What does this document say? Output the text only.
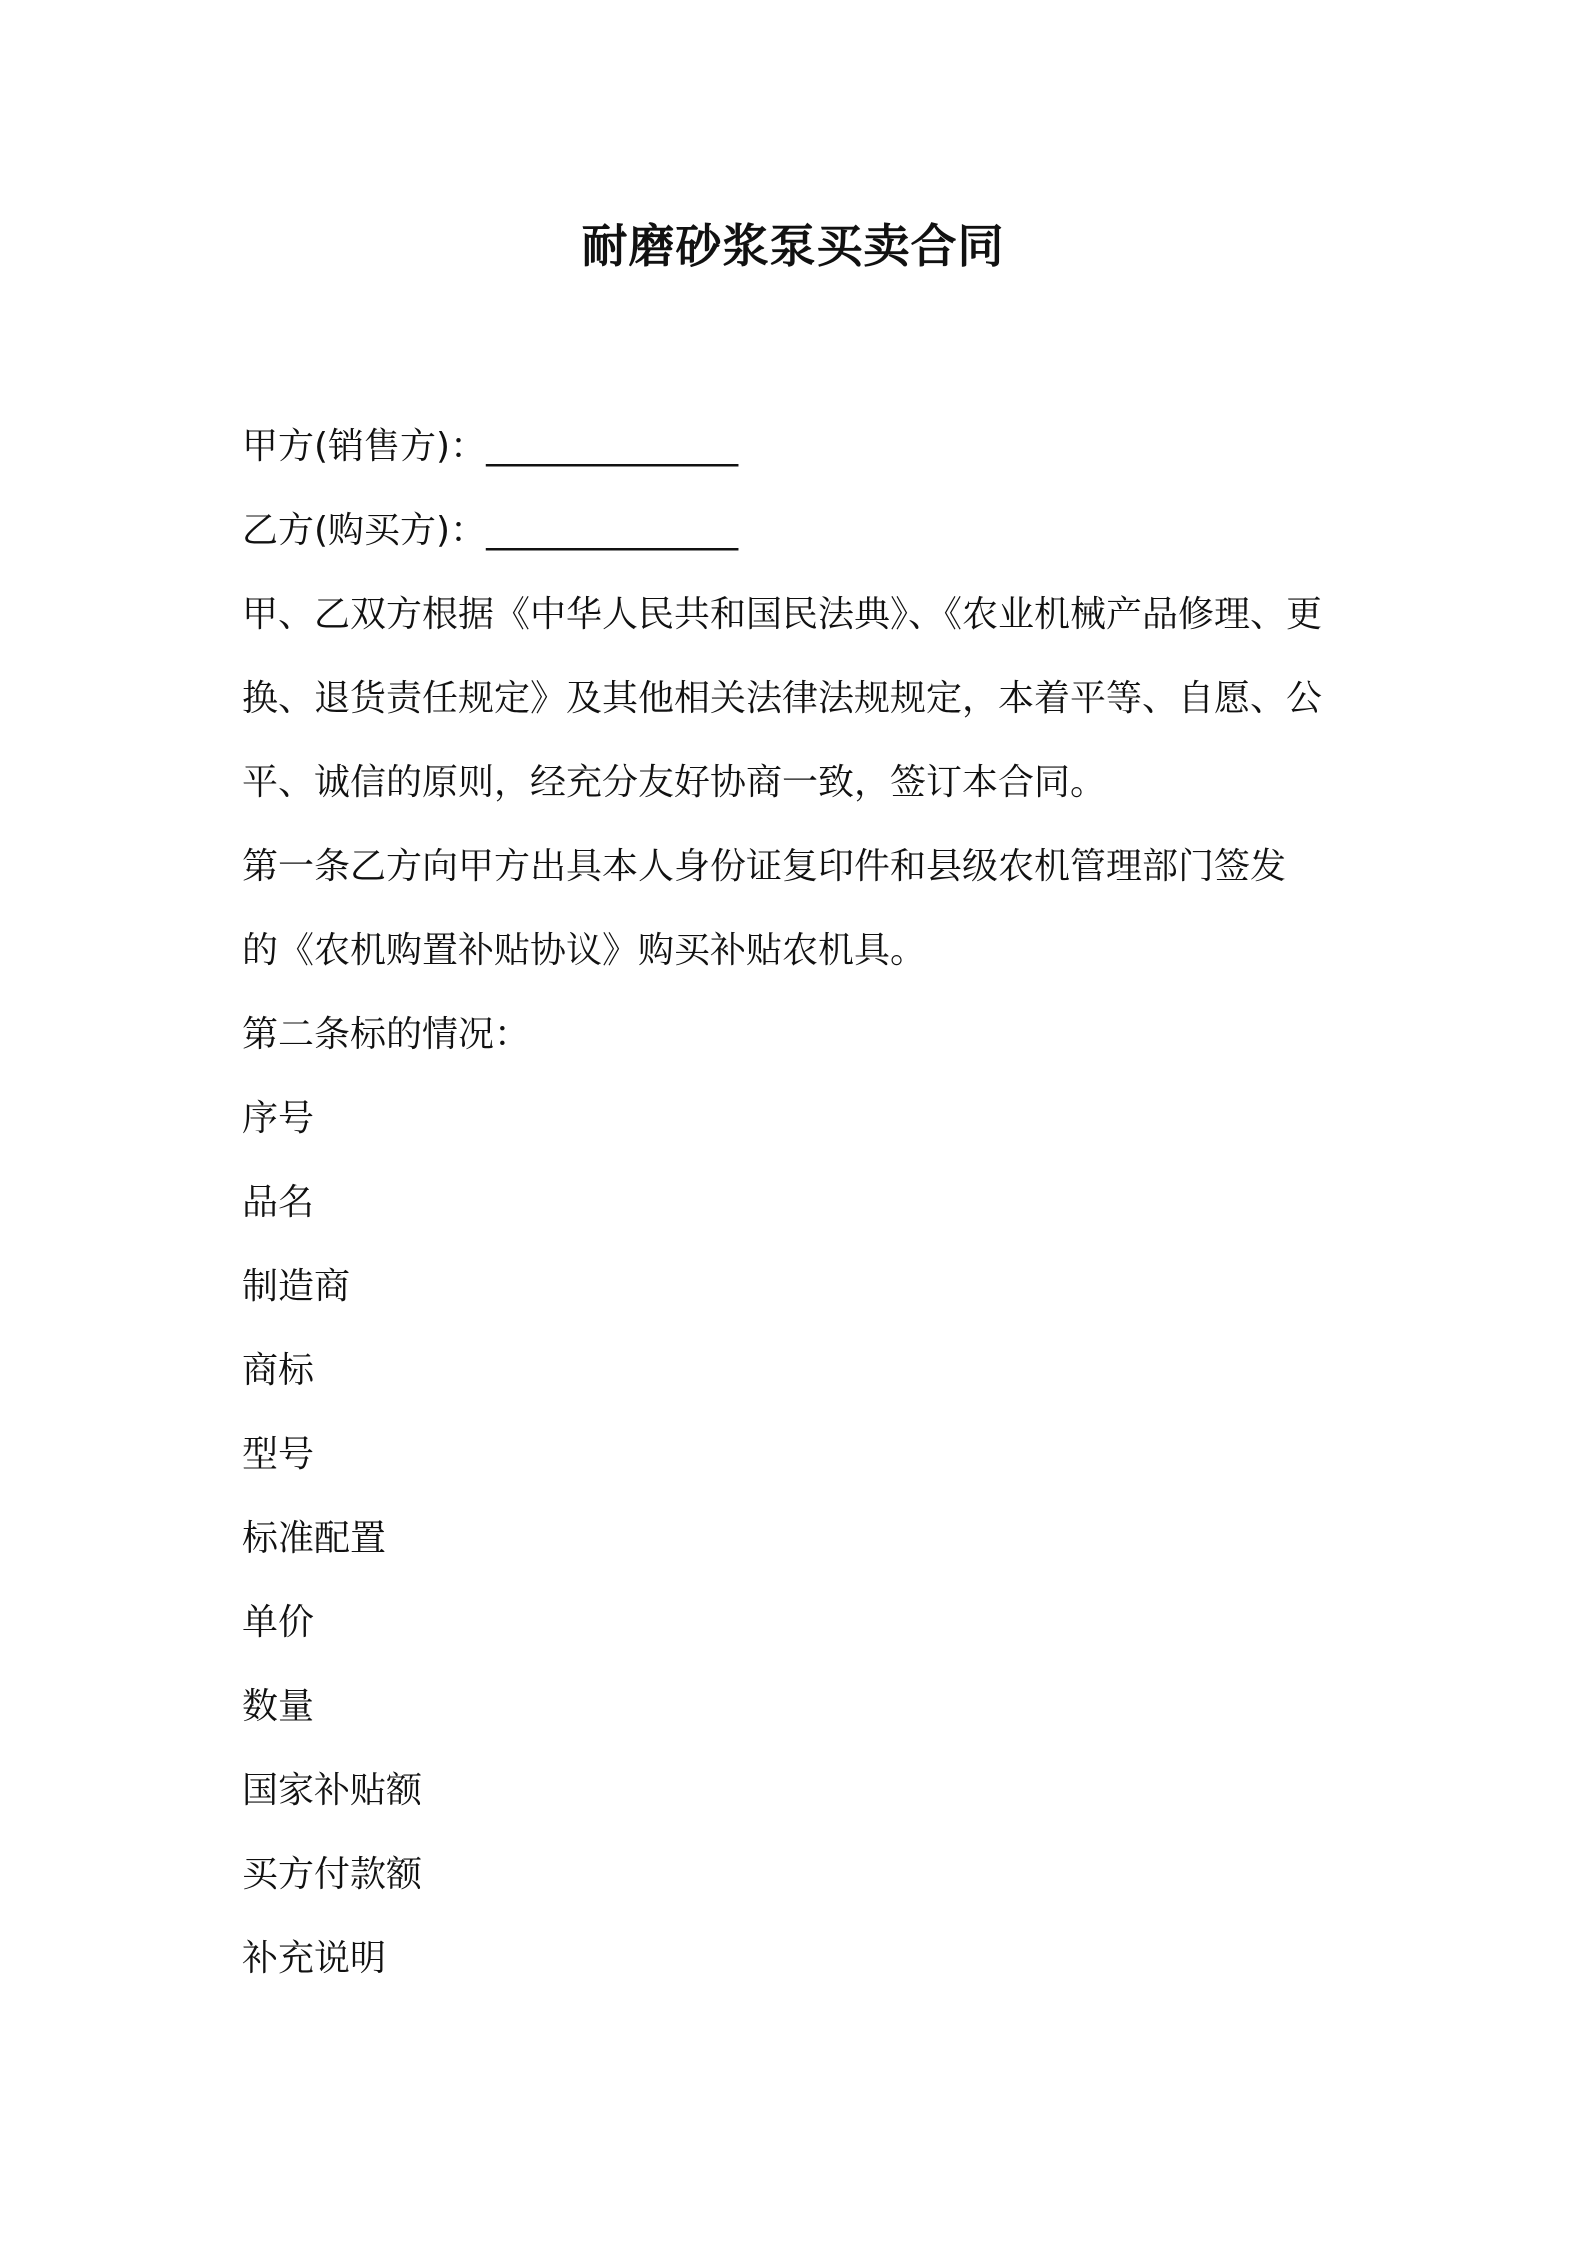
耐磨砂浆泵买卖合同
甲方(销售方)：______________
乙方(购买方)：______________
甲、乙双方根据《中华人民共和国民法典》、《农业机械产品修理、更
换、退货责任规定》及其他相关法律法规规定，本着平等、自愿、公
平、诚信的原则，经充分友好协商一致，签订本合同。
第一条乙方向甲方出具本人身份证复印件和县级农机管理部门签发
的《农机购置补贴协议》购买补贴农机具。
第二条标的情况：
序号
品名
制造商
商标
型号
标准配置
单价
数量
国家补贴额
买方付款额
补充说明
